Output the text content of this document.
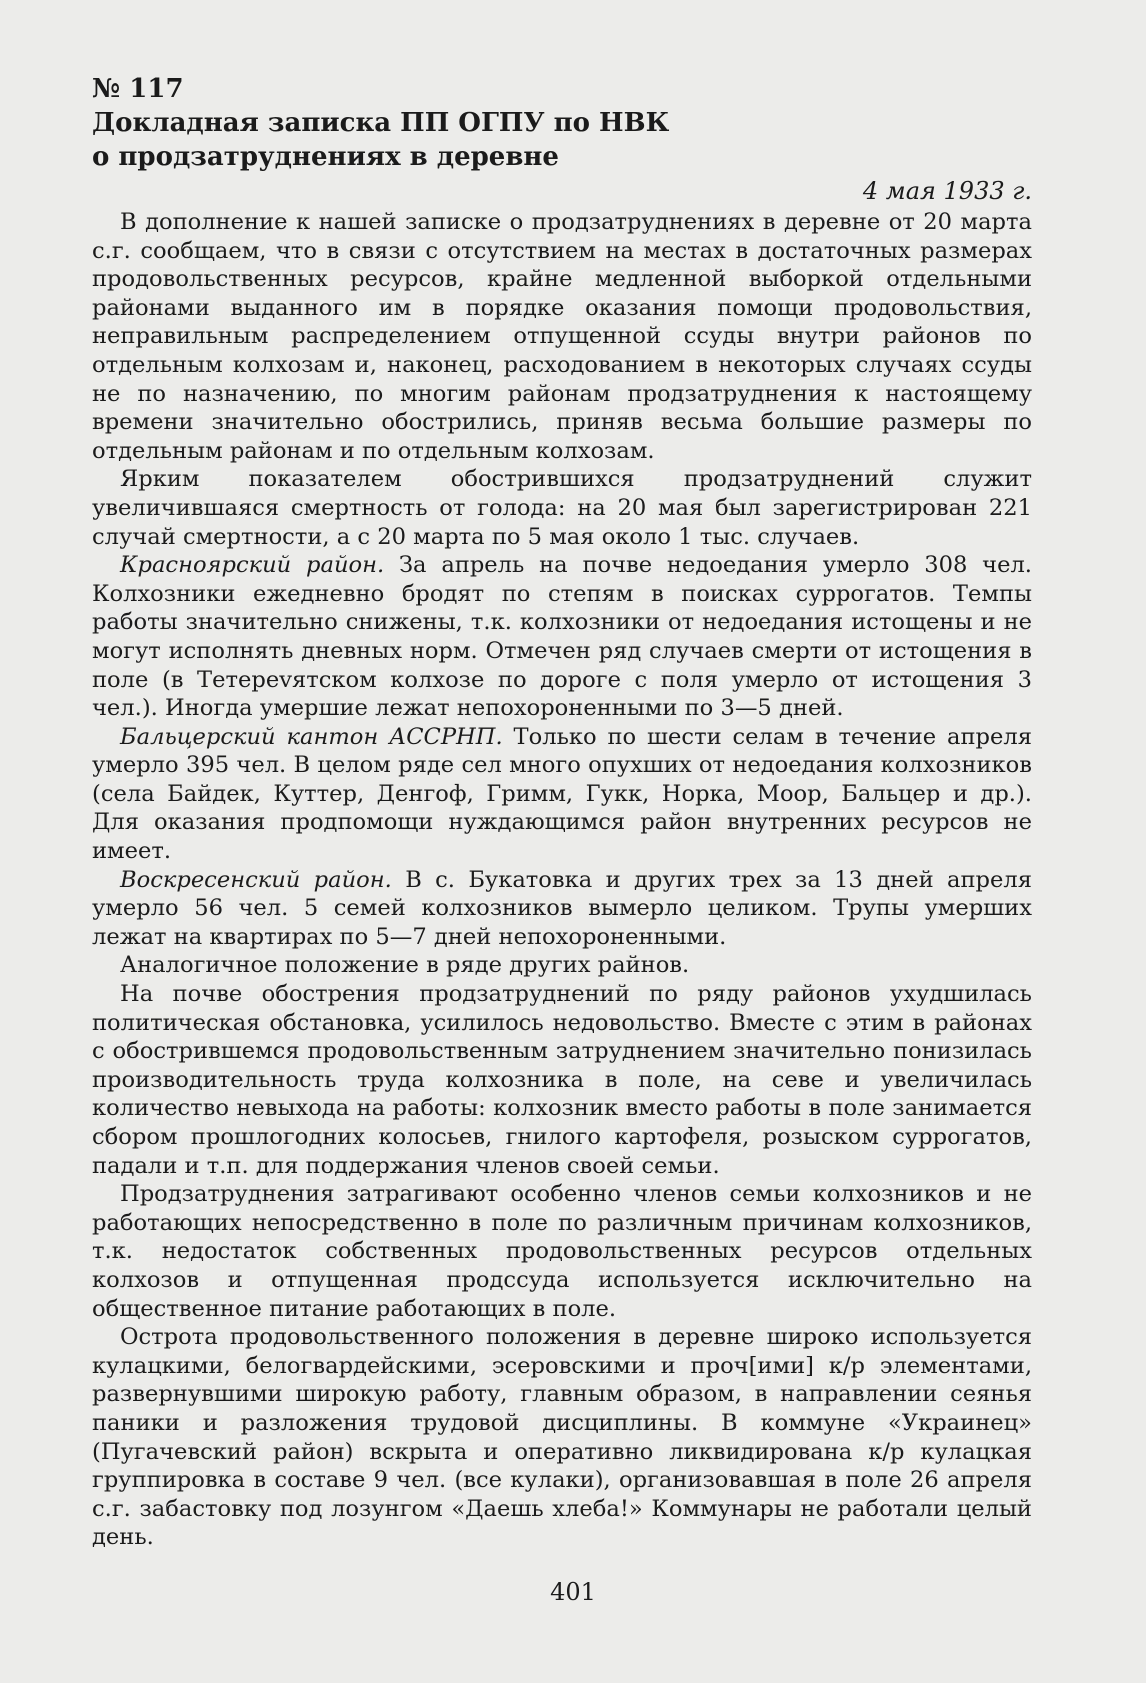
№ 117

Докладная записка ПП ОГПУ по НВК

о продзатруднениях в деревне

4 мая 1933 г.

В дополнение к нашей записке о продзатруднениях в деревне от 20 марта с.г. сообщаем, что в связи с отсутствием на местах в достаточных размерах продовольственных ресурсов, крайне медленной выборкой отдельными районами выданного им в порядке оказания помощи продовольствия, неправильным распределением отпущенной ссуды внутри районов по отдельным колхозам и, наконец, расходованием в некоторых случаях ссуды не по назначению, по многим районам продзатруднения к настоящему времени значительно обострились, приняв весьма большие размеры по отдельным районам и по отдельным колхозам.

Ярким показателем обострившихся продзатруднений служит увеличившаяся смертность от голода: на 20 мая был зарегистрирован 221 случай смертности, а с 20 марта по 5 мая около 1 тыс. случаев.

Красноярский район. За апрель на почве недоедания умерло 308 чел. Колхозники ежедневно бродят по степям в поисках суррогатов. Темпы работы значительно снижены, т.к. колхозники от недоедания истощены и не могут исполнять дневных норм. Отмечен ряд случаев смерти от истощения в поле (в Тетерevятском колхозе по дороге с поля умерло от истощения 3 чел.). Иногда умершие лежат непохороненными по 3—5 дней.

Бальцерский кантон АССРНП. Только по шести селам в течение апреля умерло 395 чел. В целом ряде сел много опухших от недоедания колхозников (села Байдек, Куттер, Денгоф, Гримм, Гукк, Норка, Моор, Бальцер и др.). Для оказания продпомощи нуждающимся район внутренних ресурсов не имеет.

Воскресенский район. В с. Букатовка и других трех за 13 дней апреля умерло 56 чел. 5 семей колхозников вымерло целиком. Трупы умерших лежат на квартирах по 5—7 дней непохороненными.

Аналогичное положение в ряде других райнов.

На почве обострения продзатруднений по ряду районов ухудшилась политическая обстановка, усилилось недовольство. Вместе с этим в районах с обострившемся продовольственным затруднением значительно понизилась производительность труда колхозника в поле, на севе и увеличилась количество невыхода на работы: колхозник вместо работы в поле занимается сбором прошлогодних колосьев, гнилого картофеля, розыском суррогатов, падали и т.п. для поддержания членов своей семьи.

Продзатруднения затрагивают особенно членов семьи колхозников и не работающих непосредственно в поле по различным причинам колхозников, т.к. недостаток собственных продовольственных ресурсов отдельных колхозов и отпущенная продссуда используется исключительно на общественное питание работающих в поле.

Острота продовольственного положения в деревне широко используется кулацкими, белогвардейскими, эсеровскими и проч[ими] к/р элементами, развернувшими широкую работу, главным образом, в направлении сеянья паники и разложения трудовой дисциплины. В коммуне «Украинец» (Пугачевский район) вскрыта и оперативно ликвидирована к/р кулацкая группировка в составе 9 чел. (все кулаки), организовавшая в поле 26 апреля с.г. забастовку под лозунгом «Даешь хлеба!» Коммунары не работали целый день.

401
